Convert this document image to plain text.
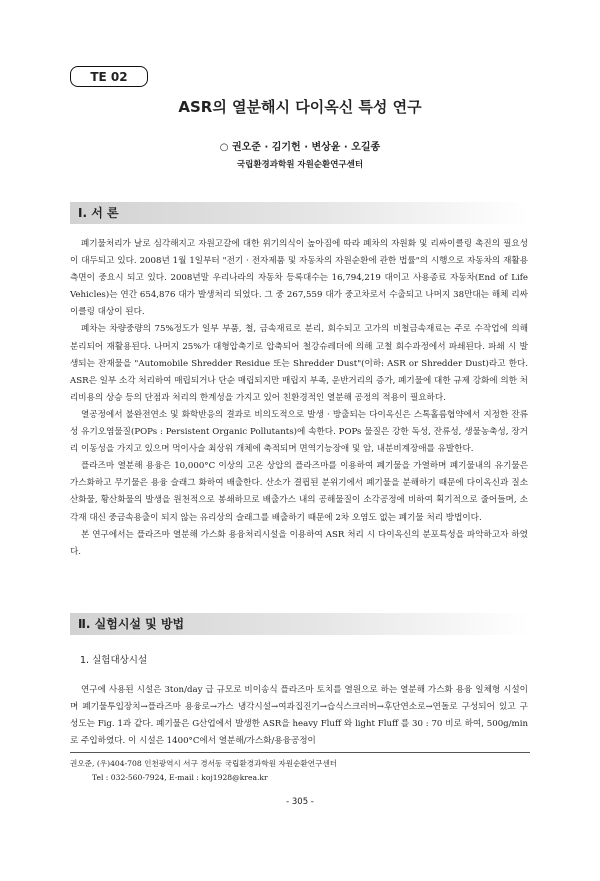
TE 02
ASR의 열분해시 다이옥신 특성 연구
○ 권오준 · 김기헌 · 변상윤 · 오길종
국립환경과학원 자원순환연구센터
Ⅰ. 서 론

폐기물처리가 날로 심각해지고 자원고갈에 대한 위기의식이 높아짐에 따라 폐차의 자원화 및 리싸이클링 촉진의 필요성이 대두되고 있다. 2008년 1월 1일부터 "전기 · 전자제품 및 자동차의 자원순환에 관한 법률"의 시행으로 자동차의 재활용 측면이 중요시 되고 있다. 2008년말 우리나라의 자동차 등록대수는 16,794,219 대이고 사용종료 자동차(End of Life Vehicles)는 연간 654,876 대가 발생처리 되었다. 그 중 267,559 대가 중고차로서 수출되고 나머지 38만대는 해체 리싸이클링 대상이 된다.

폐차는 차량중량의 75%정도가 일부 부품, 철, 금속재료로 분리, 회수되고 고가의 비철금속재료는 주로 수작업에 의해 분리되어 재활용된다. 나머지 25%가 대형압축기로 압축되어 철강슈레더에 의해 고철 회수과정에서 파쇄된다. 파쇄 시 발생되는 잔재물을 "Automobile Shredder Residue 또는 Shredder Dust"(이하: ASR or Shredder Dust)라고 한다. ASR은 일부 소각 처리하여 매립되거나 단순 매립되지만 매립지 부족, 운반거리의 증가, 폐기물에 대한 규제 강화에 의한 처리비용의 상승 등의 단점과 처리의 한계성을 가지고 있어 친환경적인 열분해 공정의 적용이 필요하다.

열공정에서 불완전연소 및 화학반응의 결과로 비의도적으로 발생 · 방출되는 다이옥신은 스톡홀름협약에서 지정한 잔류성 유기오염물질(POPs : Persistent Organic Pollutants)에 속한다. POPs 물질은 강한 독성, 잔류성, 생물농축성, 장거리 이동성을 가지고 있으며 먹이사슬 최상위 개체에 축적되며 면역기능장애 및 암, 내분비계장애를 유발한다.

플라즈마 열분해 용융은 10,000°C 이상의 고온 상압의 플라즈마를 이용하여 폐기물을 가열하며 폐기물내의 유기물은 가스화하고 무기물은 용융 슬래그 화하여 배출한다. 산소가 결핍된 분위기에서 폐기물을 분해하기 때문에 다이옥신과 질소산화물, 황산화물의 발생을 원천적으로 봉쇄하므로 배출가스 내의 공해물질이 소각공정에 비하여 획기적으로 줄어들며, 소각재 대신 중금속용출이 되지 않는 유리상의 슬래그를 배출하기 때문에 2차 오염도 없는 폐기물 처리 방법이다.

본 연구에서는 플라즈마 열분해 가스화 용융처리시설을 이용하여 ASR 처리 시 다이옥신의 분포특성을 파악하고자 하였다.

Ⅱ. 실험시설 및 방법
1. 실험대상시설

연구에 사용된 시설은 3ton/day 급 규모로 비이송식 플라즈마 토치를 열원으로 하는 열분해 가스화 용융 일체형 시설이며 폐기물투입장치→플라즈마 용융로→가스 냉각시설→여과집진기→습식스크러버→후단연소로→연돌로 구성되어 있고 구성도는 Fig. 1과 같다. 폐기물은 G산업에서 발생한 ASR을 heavy Fluff 와 light Fluff 를 30 : 70 비로 하여, 500g/min로 주입하였다. 이 시설은 1400°C에서 열분해/가스화/용융공정이

권오준, (우)404-708 인천광역시 서구 경서동 국립환경과학원 자원순환연구센터
Tel : 032-560-7924, E-mail : koj1928@krea.kr
- 305 -
